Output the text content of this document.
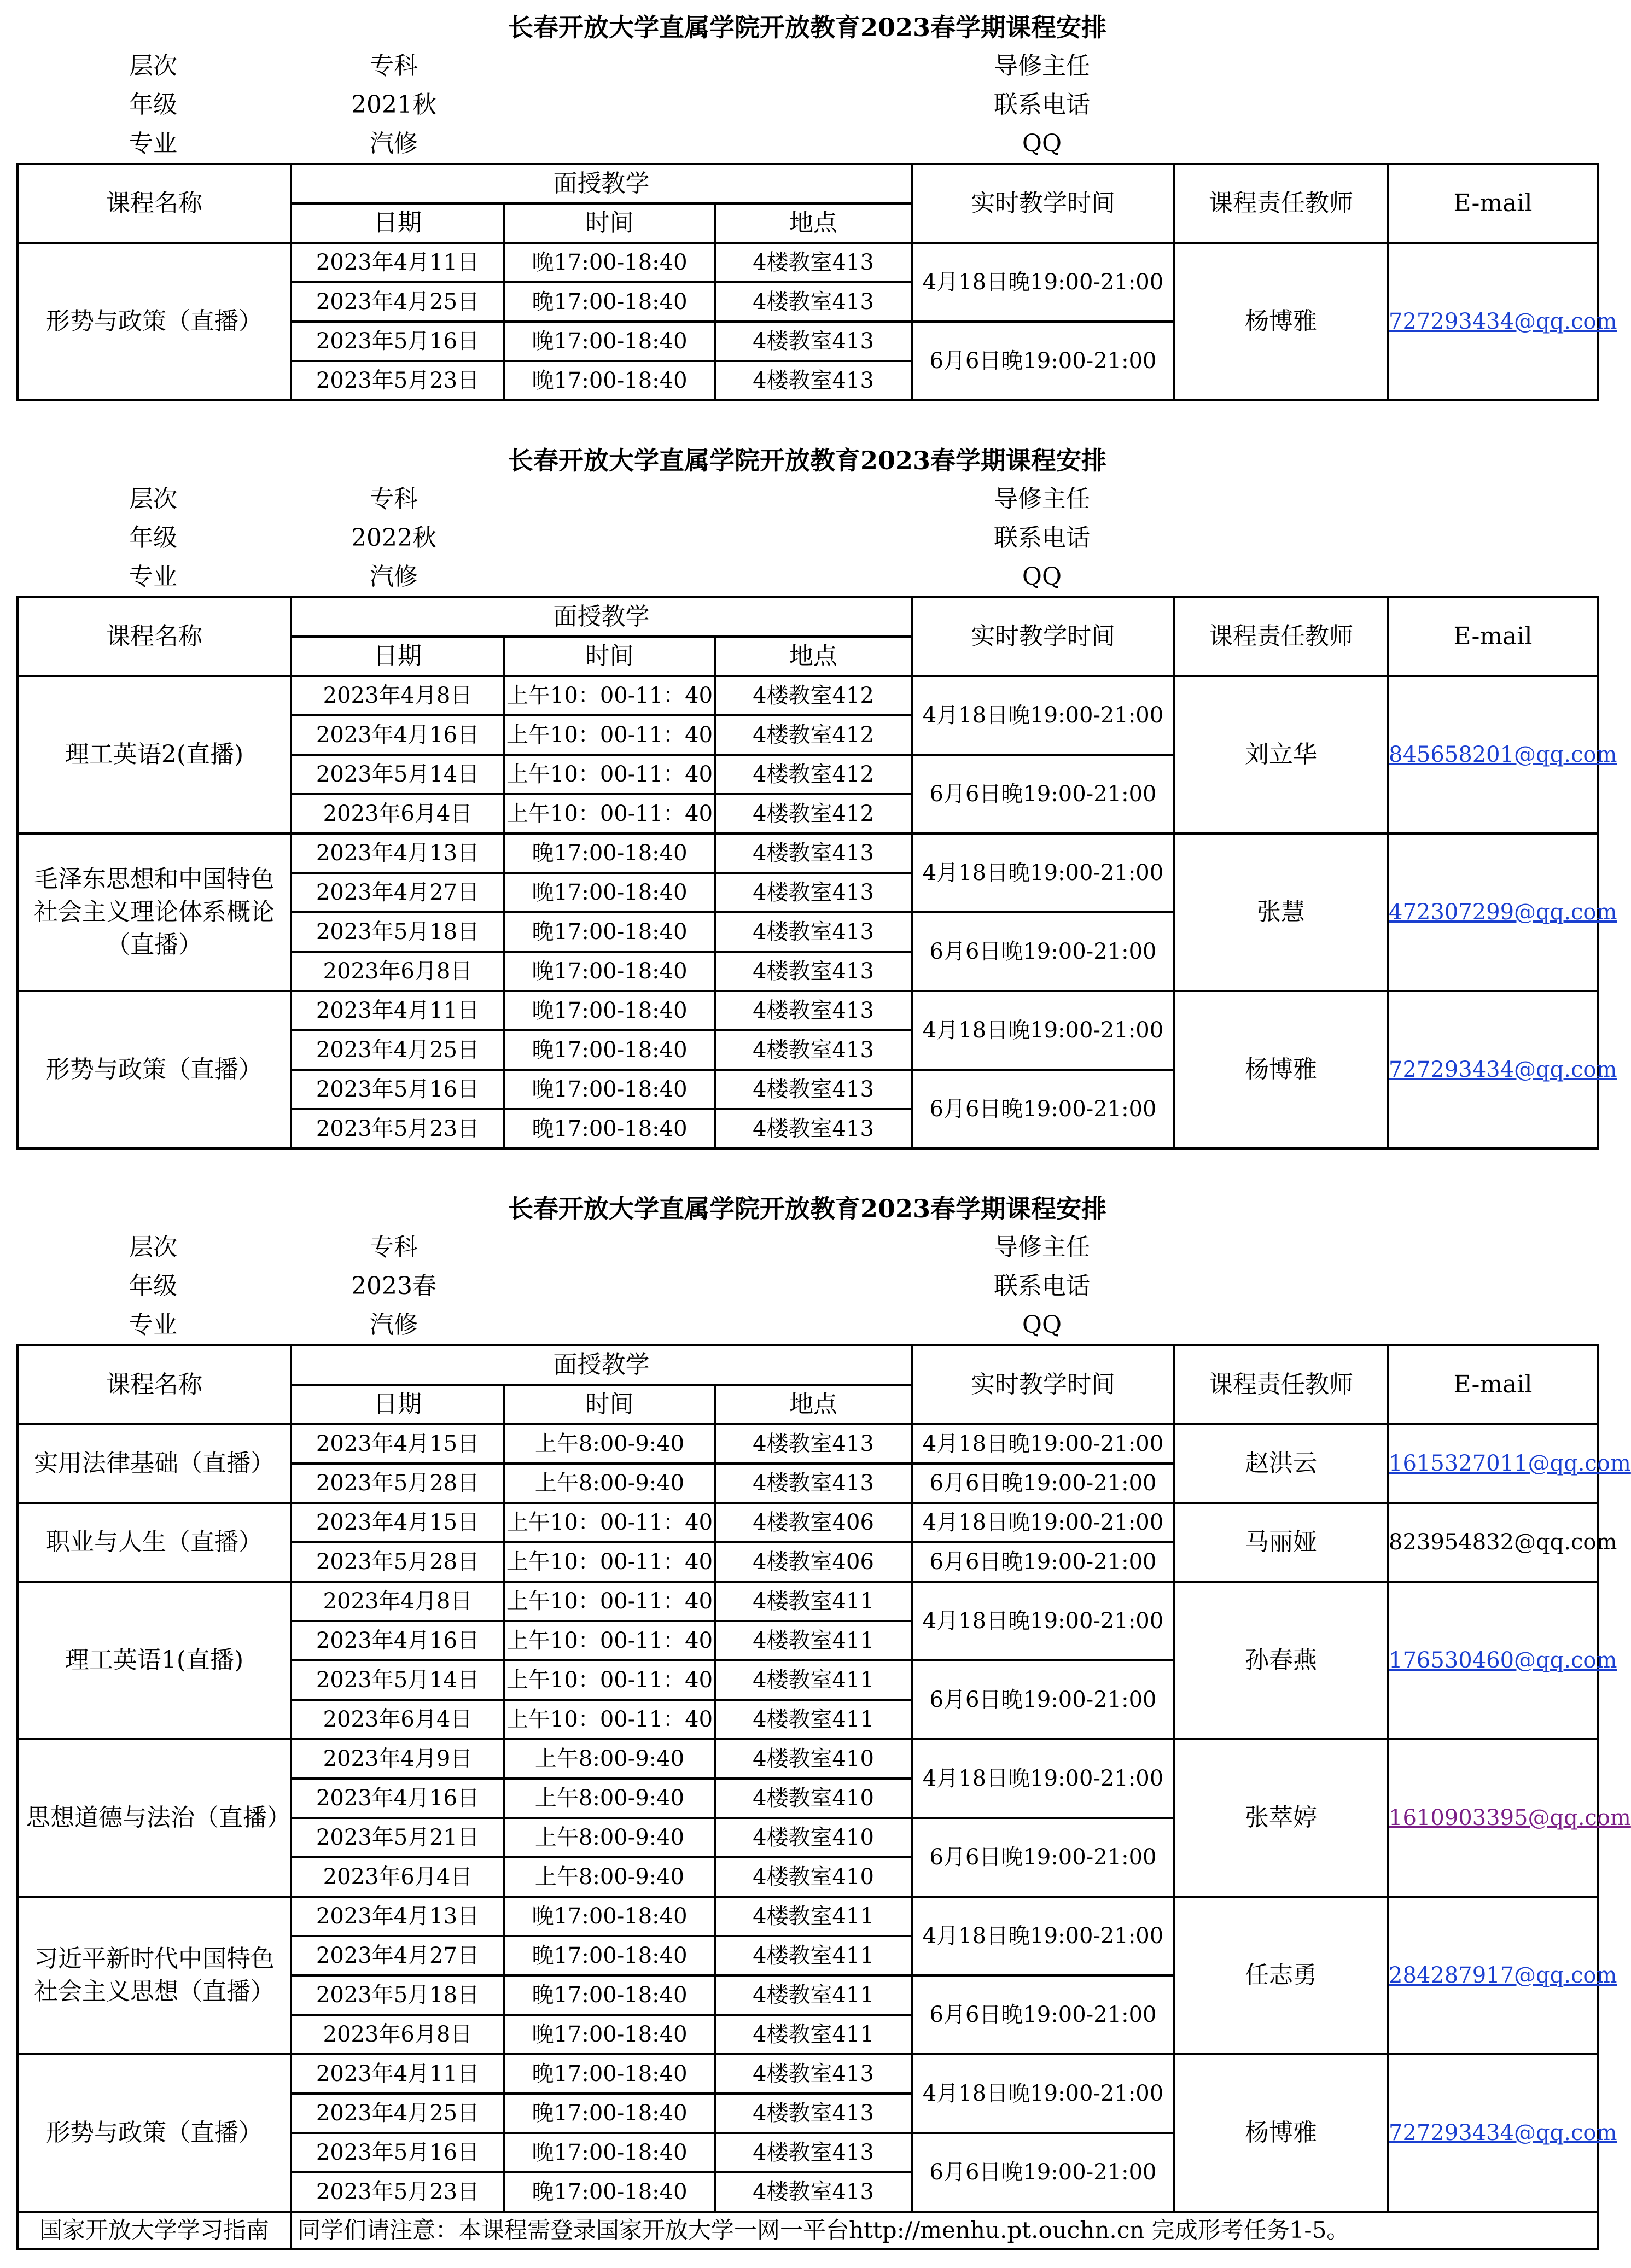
长春开放大学直属学院开放教育2023春学期课程安排
层次	专科	导修主任
年级	2021秋	联系电话
专业	汽修	QQ
课程名称	面授教学			实时教学时间	课程责任教师	E-mail
	日期	时间	地点			
形势与政策（直播）	2023年4月11日	晚17:00-18:40	4楼教室413	4月18日晚19:00-21:00	杨博雅	727293434@qq.com
	2023年4月25日	晚17:00-18:40	4楼教室413			
	2023年5月16日	晚17:00-18:40	4楼教室413	6月6日晚19:00-21:00		
	2023年5月23日	晚17:00-18:40	4楼教室413			
长春开放大学直属学院开放教育2023春学期课程安排
层次	专科	导修主任
年级	2022秋	联系电话
专业	汽修	QQ
课程名称	面授教学			实时教学时间	课程责任教师	E-mail
	日期	时间	地点			
理工英语2(直播)	2023年4月8日	上午10：00-11：40	4楼教室412	4月18日晚19:00-21:00	刘立华	845658201@qq.com
	2023年4月16日	上午10：00-11：40	4楼教室412			
	2023年5月14日	上午10：00-11：40	4楼教室412	6月6日晚19:00-21:00		
	2023年6月4日	上午10：00-11：40	4楼教室412			
毛泽东思想和中国特色社会主义理论体系概论（直播）	2023年4月13日	晚17:00-18:40	4楼教室413	4月18日晚19:00-21:00	张慧	472307299@qq.com
	2023年4月27日	晚17:00-18:40	4楼教室413			
	2023年5月18日	晚17:00-18:40	4楼教室413	6月6日晚19:00-21:00		
	2023年6月8日	晚17:00-18:40	4楼教室413			
形势与政策（直播）	2023年4月11日	晚17:00-18:40	4楼教室413	4月18日晚19:00-21:00	杨博雅	727293434@qq.com
	2023年4月25日	晚17:00-18:40	4楼教室413			
	2023年5月16日	晚17:00-18:40	4楼教室413	6月6日晚19:00-21:00		
	2023年5月23日	晚17:00-18:40	4楼教室413			
长春开放大学直属学院开放教育2023春学期课程安排
层次	专科	导修主任
年级	2023春	联系电话
专业	汽修	QQ
课程名称	面授教学			实时教学时间	课程责任教师	E-mail
	日期	时间	地点			
实用法律基础（直播）	2023年4月15日	上午8:00-9:40	4楼教室413	4月18日晚19:00-21:00	赵洪云	1615327011@qq.com
	2023年5月28日	上午8:00-9:40	4楼教室413	6月6日晚19:00-21:00		
职业与人生（直播）	2023年4月15日	上午10：00-11：40	4楼教室406	4月18日晚19:00-21:00	马丽娅	823954832@qq.com
	2023年5月28日	上午10：00-11：40	4楼教室406	6月6日晚19:00-21:00		
理工英语1(直播)	2023年4月8日	上午10：00-11：40	4楼教室411	4月18日晚19:00-21:00	孙春燕	176530460@qq.com
	2023年4月16日	上午10：00-11：40	4楼教室411			
	2023年5月14日	上午10：00-11：40	4楼教室411	6月6日晚19:00-21:00		
	2023年6月4日	上午10：00-11：40	4楼教室411			
思想道德与法治（直播）	2023年4月9日	上午8:00-9:40	4楼教室410	4月18日晚19:00-21:00	张萃婷	1610903395@qq.com
	2023年4月16日	上午8:00-9:40	4楼教室410			
	2023年5月21日	上午8:00-9:40	4楼教室410	6月6日晚19:00-21:00		
	2023年6月4日	上午8:00-9:40	4楼教室410			
习近平新时代中国特色社会主义思想（直播）	2023年4月13日	晚17:00-18:40	4楼教室411	4月18日晚19:00-21:00	任志勇	284287917@qq.com
	2023年4月27日	晚17:00-18:40	4楼教室411			
	2023年5月18日	晚17:00-18:40	4楼教室411	6月6日晚19:00-21:00		
	2023年6月8日	晚17:00-18:40	4楼教室411			
形势与政策（直播）	2023年4月11日	晚17:00-18:40	4楼教室413	4月18日晚19:00-21:00	杨博雅	727293434@qq.com
	2023年4月25日	晚17:00-18:40	4楼教室413			
	2023年5月16日	晚17:00-18:40	4楼教室413	6月6日晚19:00-21:00		
	2023年5月23日	晚17:00-18:40	4楼教室413			
国家开放大学学习指南	同学们请注意：本课程需登录国家开放大学一网一平台http://menhu.pt.ouchn.cn 完成形考任务1-5。					
